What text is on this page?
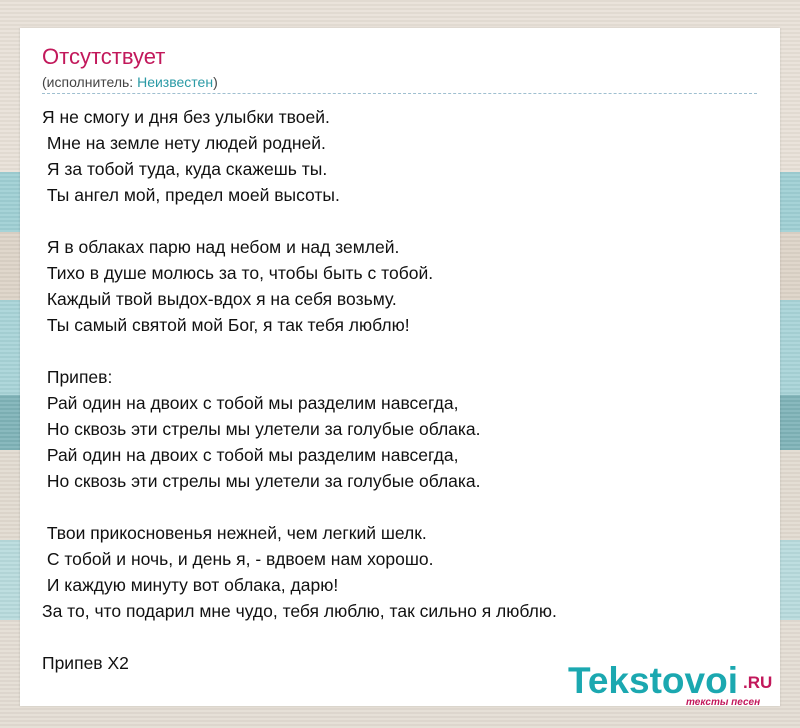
Отсутствует
(исполнитель: Неизвестен)
Я не смогу и дня без улыбки твоей.
Мне на земле нету людей родней.
Я за тобой туда, куда скажешь ты.
Ты ангел мой, предел моей высоты.

Я в облаках парю над небом и над землей.
Тихо в душе молюсь за то, чтобы быть с тобой.
Каждый твой выдох-вдох я на себя возьму.
Ты самый святой мой Бог, я так тебя люблю!

Припев:
Рай один на двоих с тобой мы разделим навсегда,
Но сквозь эти стрелы мы улетели за голубые облака.
Рай один на двоих с тобой мы разделим навсегда,
Но сквозь эти стрелы мы улетели за голубые облака.

Твои прикосновенья нежней, чем легкий шелк.
С тобой и ночь, и день я, - вдвоем нам хорошо.
И каждую минуту вот облака, дарю!
За то, что подарил мне чудо, тебя люблю, так сильно я люблю.

Припев Х2	Tekstovoi .RU
тексты песен
